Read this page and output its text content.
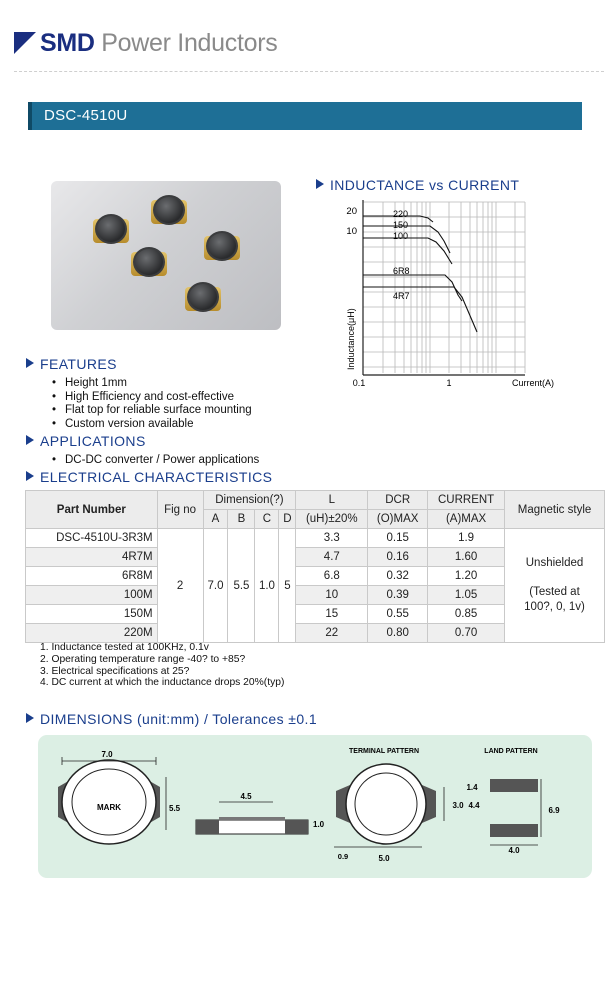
SMD Power Inductors
DSC-4510U
INDUCTANCE vs CURRENT
20
10
0.1	1	Current(A)
Inductance(μH)
220
150
100
6R8
4R7
FEATURES
• Height 1mm
• High Efficiency and cost-effective
• Flat top for reliable surface mounting
• Custom version available
APPLICATIONS
• DC-DC converter / Power applications
ELECTRICAL CHARACTERISTICS
Part Number	Fig no	Dimension(?)				L	DCR	CURRENT	Magnetic style
		A	B	C	D	(uH)±20%	(O)MAX	(A)MAX	
DSC-4510U-3R3M	2	7.0	5.5	1.0	5	3.3	0.15	1.9	Unshielded
(Tested at 100?, 0, 1v)

4R7M						4.7	0.16	1.60	
6R8M						6.8	0.32	1.20	
100M						10	0.39	1.05	
150M						15	0.55	0.85	
220M						22	0.80	0.70	
1. Inductance tested at 100KHz, 0.1v
2. Operating temperature range -40? to +85?
3. Electrical specifications at 25?
4. DC current at which the inductance drops 20%(typ)
DIMENSIONS (unit:mm) / Tolerances ±0.1
MARK
7.0
5.5
4.5
1.0
TERMINAL PATTERN
3.0 4.4
0.9	5.0
LAND PATTERN
1.4
6.9
4.0
